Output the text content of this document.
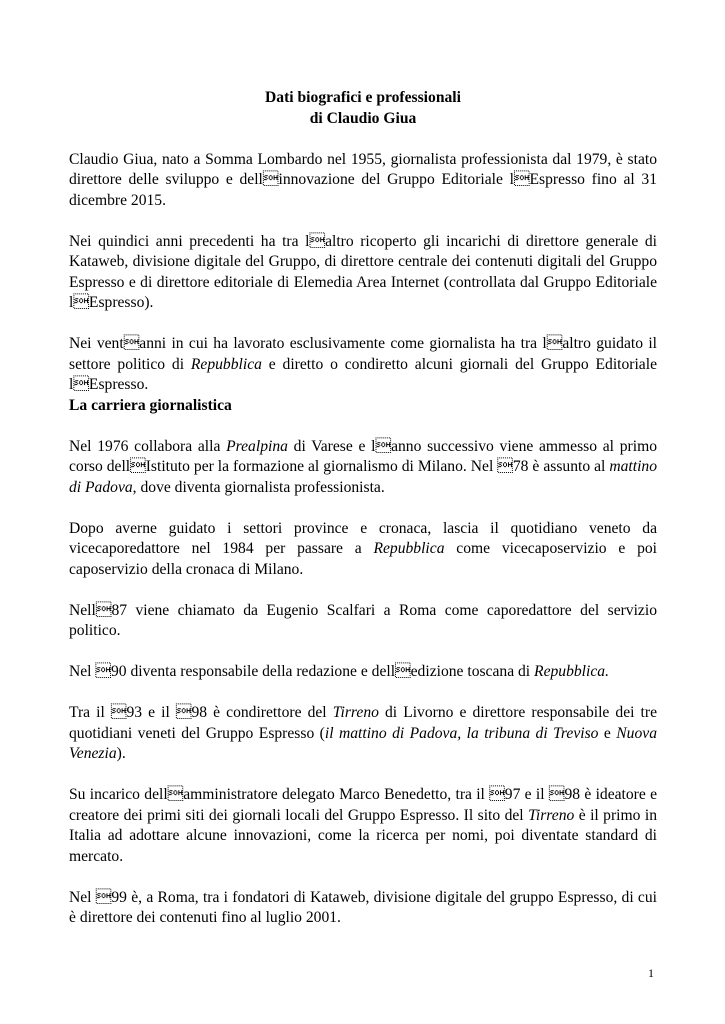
Dati biografici e professionali
di Claudio Giua

Claudio Giua, nato a Somma Lombardo nel 1955, giornalista professionista dal 1979, è stato direttore delle sviluppo e dellinnovazione del Gruppo Editoriale lEspresso fino al 31 dicembre 2015.

Nei quindici anni precedenti ha tra laltro ricoperto gli incarichi di direttore generale di Kataweb, divisione digitale del Gruppo, di direttore centrale dei contenuti digitali del Gruppo Espresso e di direttore editoriale di Elemedia Area Internet (controllata dal Gruppo Editoriale lEspresso).

Nei ventanni in cui ha lavorato esclusivamente come giornalista ha tra laltro guidato il settore politico di Repubblica e diretto o condiretto alcuni giornali del Gruppo Editoriale lEspresso.

La carriera giornalistica

Nel 1976 collabora alla Prealpina di Varese e lanno successivo viene ammesso al primo corso dellIstituto per la formazione al giornalismo di Milano. Nel 78 è assunto al mattino di Padova, dove diventa giornalista professionista.

Dopo averne guidato i settori province e cronaca, lascia il quotidiano veneto da vicecaporedattore nel 1984 per passare a Repubblica come vicecaposervizio e poi caposervizio della cronaca di Milano.

Nell87 viene chiamato da Eugenio Scalfari a Roma come caporedattore del servizio politico.

Nel 90 diventa responsabile della redazione e delledizione toscana di Repubblica.

Tra il 93 e il 98 è condirettore del Tirreno di Livorno e direttore responsabile dei tre quotidiani veneti del Gruppo Espresso (il mattino di Padova, la tribuna di Treviso e Nuova Venezia).

Su incarico dellamministratore delegato Marco Benedetto, tra il 97 e il 98 è ideatore e creatore dei primi siti dei giornali locali del Gruppo Espresso. Il sito del Tirreno è il primo in Italia ad adottare alcune innovazioni, come la ricerca per nomi, poi diventate standard di mercato.

Nel 99 è, a Roma, tra i fondatori di Kataweb, divisione digitale del gruppo Espresso, di cui è direttore dei contenuti fino al luglio 2001.

1
